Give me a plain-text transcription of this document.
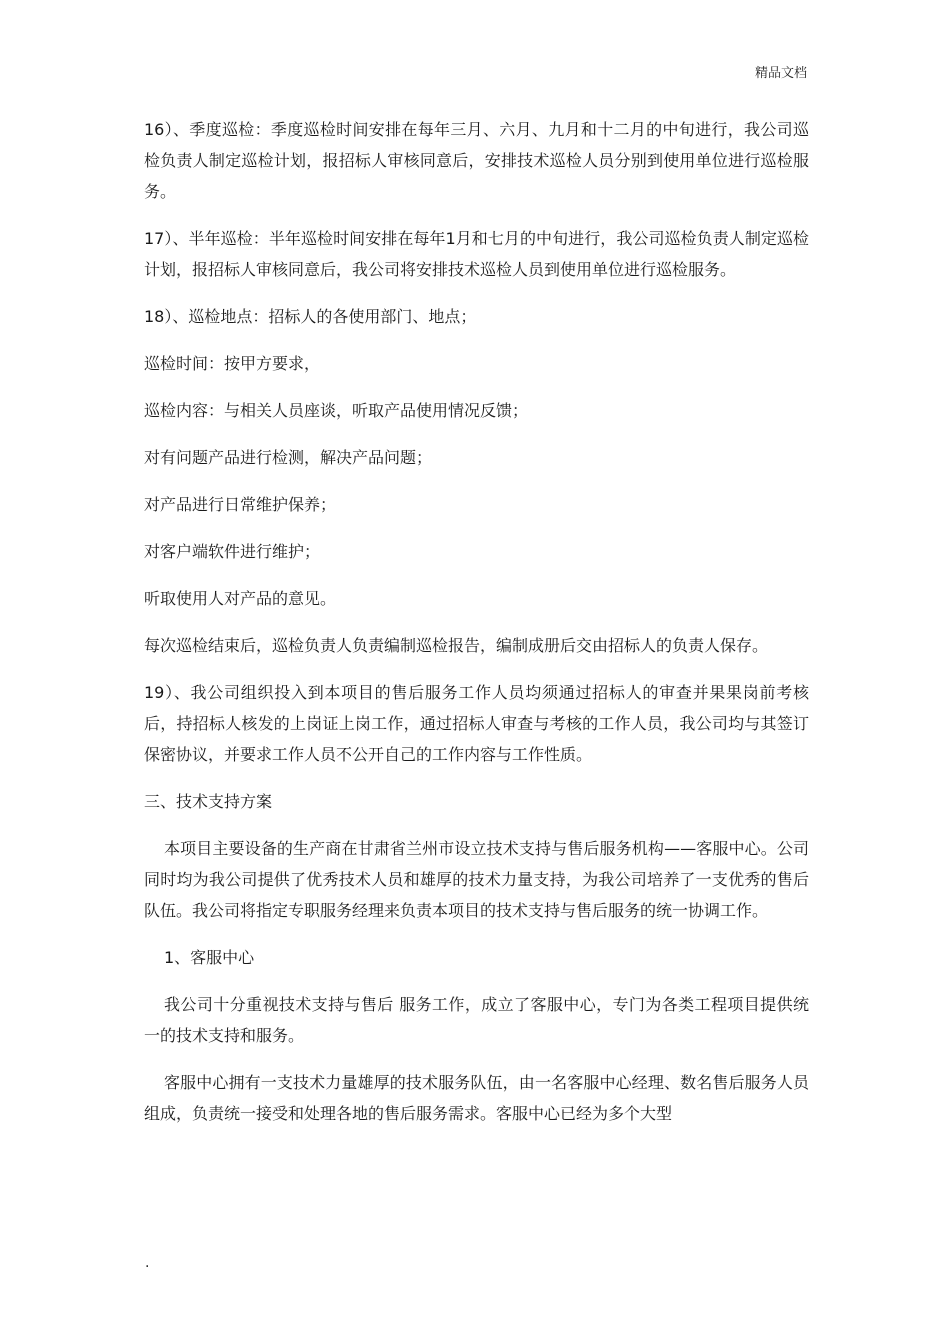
精品文档

16）、季度巡检：季度巡检时间安排在每年三月、六月、九月和十二月的中旬进行，我公司巡检负责人制定巡检计划，报招标人审核同意后，安排技术巡检人员分别到使用单位进行巡检服务。

17）、半年巡检：半年巡检时间安排在每年1月和七月的中旬进行，我公司巡检负责人制定巡检计划，报招标人审核同意后，我公司将安排技术巡检人员到使用单位进行巡检服务。

18）、巡检地点：招标人的各使用部门、地点；

巡检时间：按甲方要求，

巡检内容：与相关人员座谈，听取产品使用情况反馈；

对有问题产品进行检测，解决产品问题；

对产品进行日常维护保养；

对客户端软件进行维护；

听取使用人对产品的意见。

每次巡检结束后，巡检负责人负责编制巡检报告，编制成册后交由招标人的负责人保存。

19）、我公司组织投入到本项目的售后服务工作人员均须通过招标人的审查并果果岗前考核后，持招标人核发的上岗证上岗工作，通过招标人审查与考核的工作人员，我公司均与其签订保密协议，并要求工作人员不公开自己的工作内容与工作性质。

三、技术支持方案

本项目主要设备的生产商在甘肃省兰州市设立技术支持与售后服务机构——客服中心。公司同时均为我公司提供了优秀技术人员和雄厚的技术力量支持，为我公司培养了一支优秀的售后队伍。我公司将指定专职服务经理来负责本项目的技术支持与售后服务的统一协调工作。

1、客服中心

我公司十分重视技术支持与售后 服务工作，成立了客服中心，专门为各类工程项目提供统一的技术支持和服务。

客服中心拥有一支技术力量雄厚的技术服务队伍，由一名客服中心经理、数名售后服务人员组成，负责统一接受和处理各地的售后服务需求。客服中心已经为多个大型

.
